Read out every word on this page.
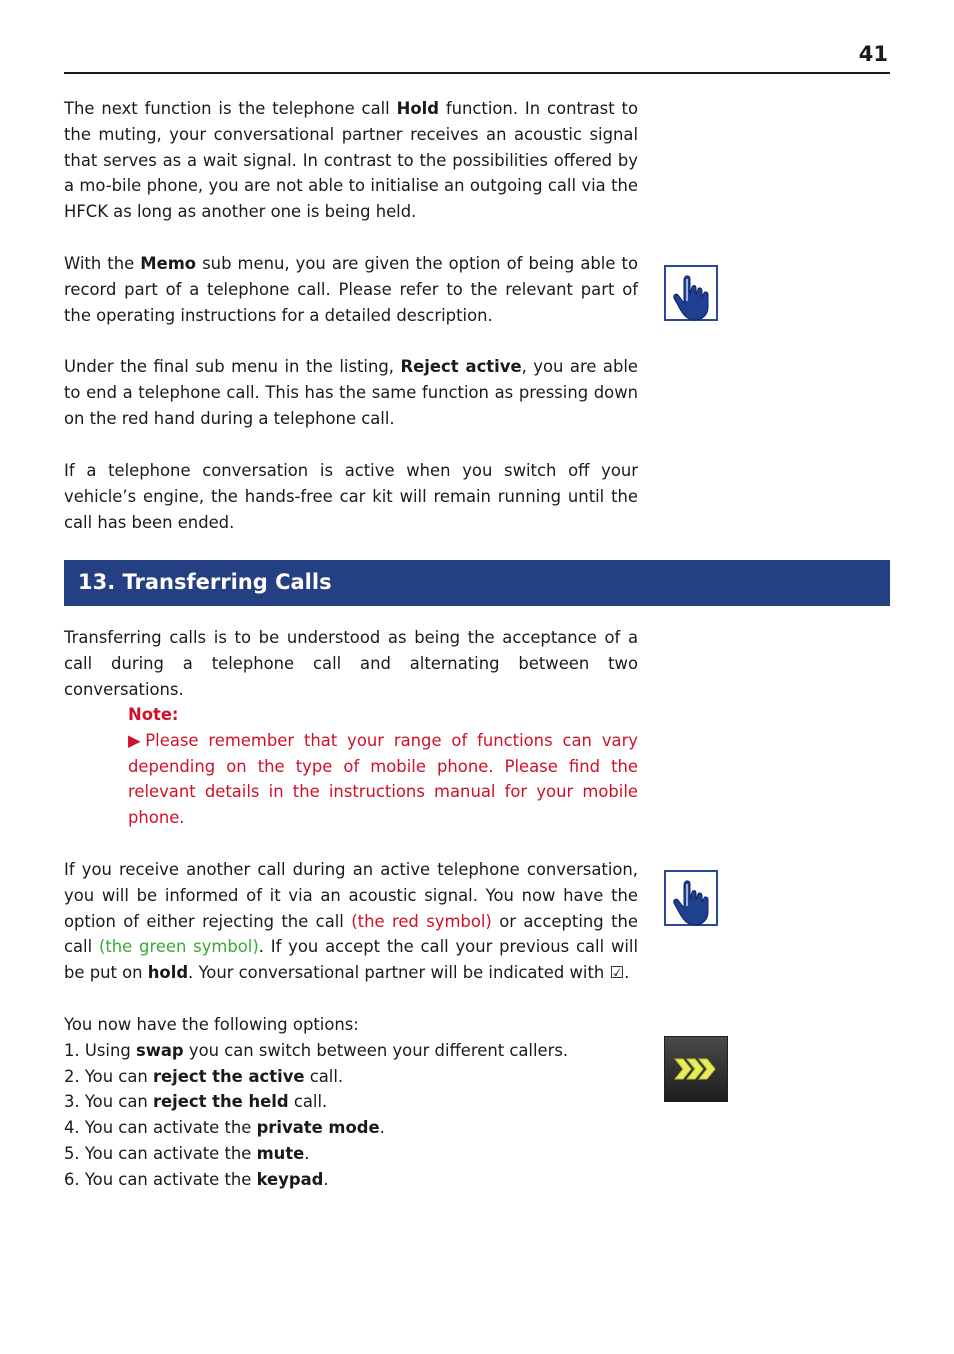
41

The next function is the telephone call Hold function. In contrast to the muting, your conversational partner receives an acoustic signal that serves as a wait signal. In contrast to the possibilities offered by a mo-bile phone, you are not able to initialise an outgoing call via the HFCK as long as another one is being held.

With the Memo sub menu, you are given the option of being able to record part of a telephone call. Please refer to the relevant part of the operating instructions for a detailed description.

Under the final sub menu in the listing, Reject active, you are able to end a telephone call. This has the same function as pressing down on the red hand during a telephone call.

If a telephone conversation is active when you switch off your vehicle’s engine, the hands-free car kit will remain running until the call has been ended.

13. Transferring Calls

Transferring calls is to be understood as being the acceptance of a call during a telephone call and alternating between two conversations.

Note:
▶Please remember that your range of functions can vary depending on the type of mobile phone. Please find the relevant details in the instructions manual for your mobile phone.

If you receive another call during an active telephone conversation, you will be informed of it via an acoustic signal. You now have the option of either rejecting the call (the red symbol) or accepting the call (the green symbol). If you accept the call your previous call will be put on hold. Your conversational partner will be indicated with ☑.

You now have the following options:
1. Using swap you can switch between your different callers.
2. You can reject the active call.
3. You can reject the held call.
4. You can activate the private mode.
5. You can activate the mute.
6. You can activate the keypad.
